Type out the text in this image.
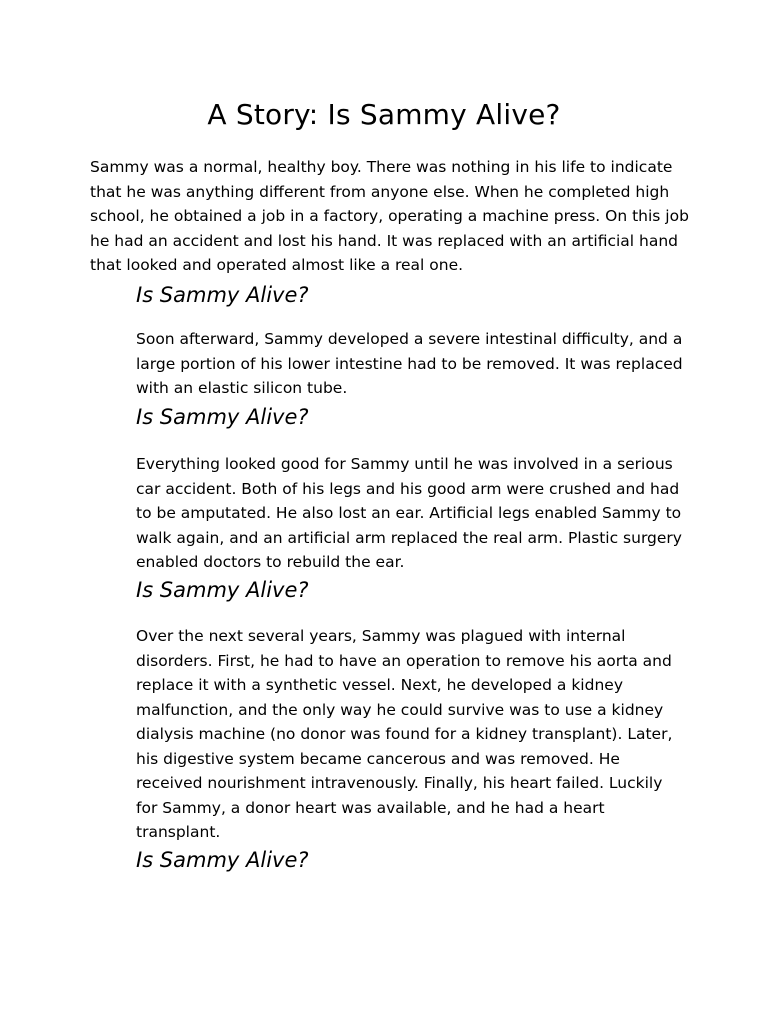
A Story: Is Sammy Alive?

Sammy was a normal, healthy boy. There was nothing in his life to indicate that he was anything different from anyone else. When he completed high school, he obtained a job in a factory, operating a machine press. On this job he had an accident and lost his hand. It was replaced with an artificial hand that looked and operated almost like a real one.

Is Sammy Alive?

Soon afterward, Sammy developed a severe intestinal difficulty, and a large portion of his lower intestine had to be removed. It was replaced with an elastic silicon tube.

Is Sammy Alive?

Everything looked good for Sammy until he was involved in a serious car accident. Both of his legs and his good arm were crushed and had to be amputated. He also lost an ear. Artificial legs enabled Sammy to walk again, and an artificial arm replaced the real arm. Plastic surgery enabled doctors to rebuild the ear.

Is Sammy Alive?

Over the next several years, Sammy was plagued with internal disorders. First, he had to have an operation to remove his aorta and replace it with a synthetic vessel. Next, he developed a kidney malfunction, and the only way he could survive was to use a kidney dialysis machine (no donor was found for a kidney transplant). Later, his digestive system became cancerous and was removed. He received nourishment intravenously. Finally, his heart failed. Luckily for Sammy, a donor heart was available, and he had a heart transplant.

Is Sammy Alive?
